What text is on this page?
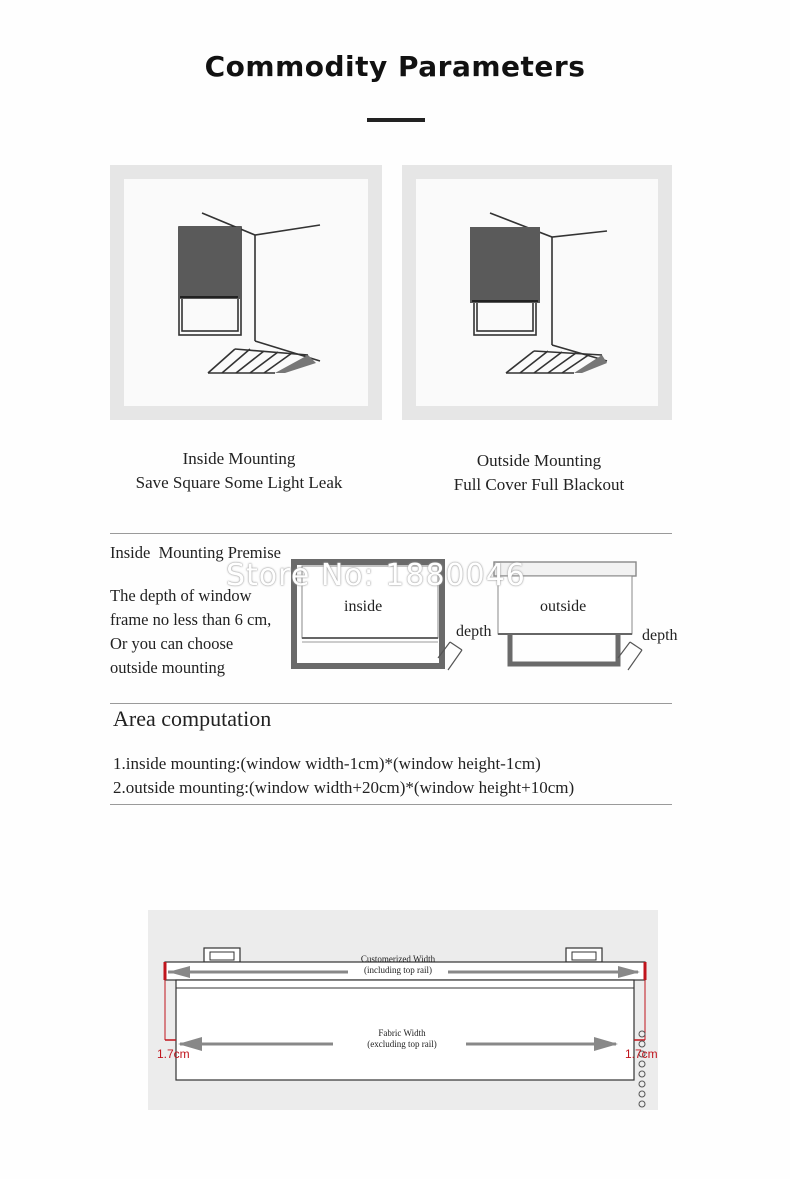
Commodity Parameters
Inside Mounting
Save Square Some Light Leak
Outside Mounting
Full Cover Full Blackout
Inside  Mounting Premise
The depth of window
frame no less than 6 cm,
Or you can choose
outside mounting
inside
depth
outside
depth
Store No: 1880046
Area computation
1.inside mounting:(window width-1cm)*(window height-1cm)
2.outside mounting:(window width+20cm)*(window height+10cm)
Customerized Width
(including top rail)
Fabric Width
(excluding top rail)
1.7cm	1.7cm
